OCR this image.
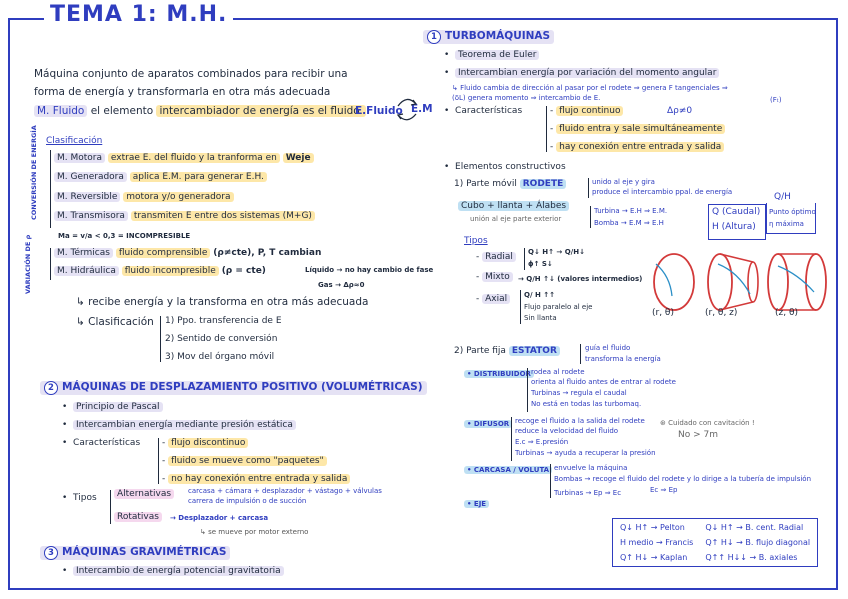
TEMA 1: M.H.
Máquina conjunto de aparatos combinados para recibir una
forma de energía y transformarla en otra más adecuada
M. Fluido el elemento intercambiador de energía es el fluido.
E.Fluido E.M
Clasificación
CONVERSIÓN DE ENERGÍA	M. Motora extrae E. del fluido y la tranforma en Weje
M. Generadora aplica E.M. para generar E.H.
M. Reversible motora y/o generadora
M. Transmisora transmiten E entre dos sistemas (M+G)
Ma = v/a < 0,3 = INCOMPRESIBLE
VARIACIÓN DE ρ	M. Térmicas fluido comprensible (ρ≠cte), P, T cambian
M. Hidráulica fluido incompresible (ρ = cte)	Líquido → no hay cambio de fase
Gas → Δρ≈0
↳ recibe energía y la transforma en otra más adecuada
↳ Clasificación 1) Ppo. transferencia de E
2) Sentido de conversión
3) Mov del órgano móvil
2 MÁQUINAS DE DESPLAZAMIENTO POSITIVO (VOLUMÉTRICAS)
•  Principio de Pascal
•  Intercambian energía mediante presión estática
•  Características - flujo discontinuo
- fluido se mueve como "paquetes"
- no hay conexión entre entrada y salida
•  Tipos	Alternativas	carcasa + cámara + desplazador + vástago + válvulas
carrera de impulsión o de succión
Rotativas	→ Desplazador + carcasa
↳ se mueve por motor externo
3 MÁQUINAS GRAVIMÉTRICAS
•  Intercambio de energía potencial gravitatoria
1 TURBOMÁQUINAS
•  Teorema de Euler
•  Intercambian energía por variación del momento angular
↳ Fluido cambia de dirección al pasar por el rodete ⇒ genera F tangenciales ⇒
(δL) genera momento ⇒ intercambio de E.	(Fₜ)
Δρ≠0
•  Características	- flujo continuo
- fluido entra y sale simultáneamente
- hay conexión entre entrada y salida
•  Elementos constructivos
1) Parte móvil RODETE	unido al eje y gira
produce el intercambio ppal. de energía
Cubo + llanta + Álabes
unión al eje parte exterior
Turbina → E.H ⇒ E.M.
Bomba → E.M ⇒ E.H
Q/H
Q (Caudal)
H (Altura)
Punto óptimo
η máxima
Tipos
- Radial	Q↓ H↑ → Q/H↓
ϕ↑ S↓
- Mixto	→ Q/H ↑↓ (valores intermedios)
- Axial	Q/ H ↑↑
Flujo paralelo al eje
Sin llanta	(r, θ)	(r, θ, z)	(z, θ)
2) Parte fija ESTATOR	guía el fluido
transforma la energía
• DISTRIBUIDOR rodea al rodete
orienta al fluido antes de entrar al rodete
Turbinas → regula el caudal
No está en todas las turbomaq.
• DIFUSOR recoge el fluido a la salida del rodete
reduce la velocidad del fluido
E.c ⇒ E.presión
Turbinas → ayuda a recuperar la presión
⊛ Cuidado con cavitación !
No > 7m
• CARCASA / VOLUTA envuelve la máquina
Bombas → recoge el fluido del rodete y lo dirige a la tubería de impulsión
Ec ⇒ Ep
Turbinas → Ep ⇒ Ec
• EJE
Q↓ H↑ → Pelton	Q↓ H↑ → B. cent. Radial
H medio → Francis	Q↑ H↓ → B. flujo diagonal
Q↑ H↓ → Kaplan	Q↑↑ H↓↓ → B. axiales
